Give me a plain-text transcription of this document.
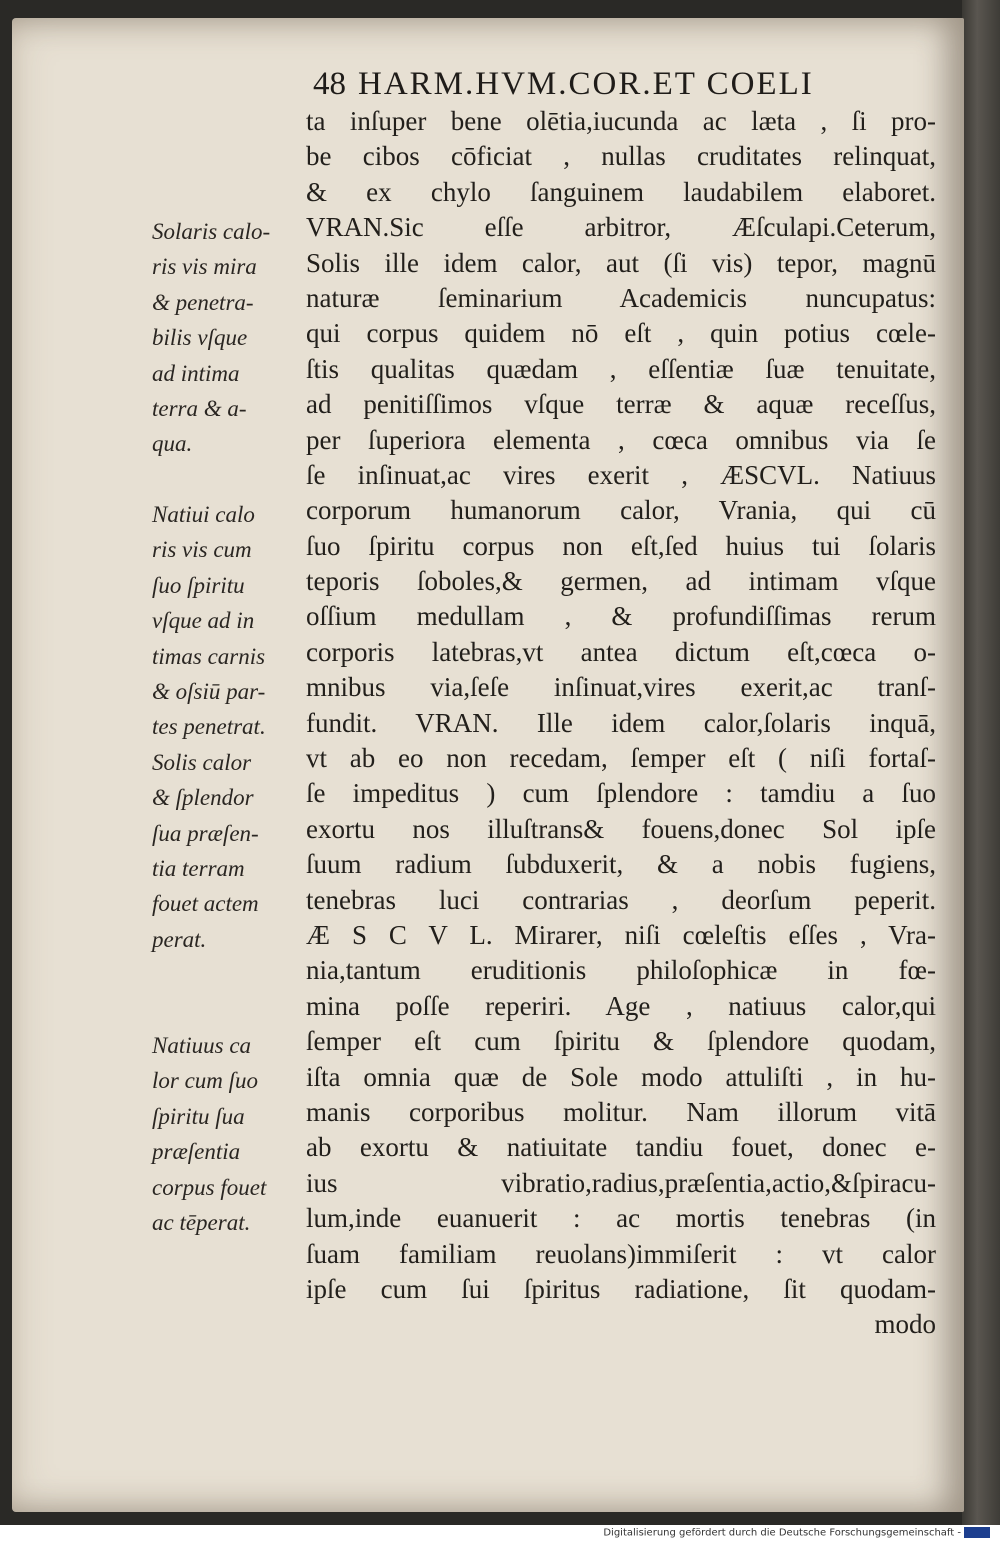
48 HARM.HVM.COR.ET COELI
ta inſuper bene olētia,iucunda ac læta , ſi pro-
be cibos cōficiat , nullas cruditates relinquat,
& ex chylo ſanguinem laudabilem elaboret.
VRAN.Sic eſſe arbitror, Æſculapi.Ceterum,
Solis ille idem calor, aut (ſi vis) tepor, magnū
naturæ ſeminarium Academicis nuncupatus:
qui corpus quidem nō eſt , quin potius cœle-
ſtis qualitas quædam , eſſentiæ ſuæ tenuitate,
ad penitiſſimos vſque terræ & aquæ receſſus,
per ſuperiora elementa , cœca omnibus via ſe
ſe inſinuat,ac vires exerit , ÆSCVL. Natiuus
corporum humanorum calor, Vrania, qui cū
ſuo ſpiritu corpus non eſt,ſed huius tui ſolaris
teporis ſoboles,& germen, ad intimam vſque
oſſium medullam , & profundiſſimas rerum
corporis latebras,vt antea dictum eſt,cœca o-
mnibus via,ſeſe inſinuat,vires exerit,ac tranſ-
fundit. VRAN. Ille idem calor,ſolaris inquā,
vt ab eo non recedam, ſemper eſt ( niſi fortaſ-
ſe impeditus ) cum ſplendore : tamdiu a ſuo
exortu nos illuſtrans& fouens,donec Sol ipſe
ſuum radium ſubduxerit, & a nobis fugiens,
tenebras luci contrarias , deorſum peperit.
Æ S C V L. Mirarer, niſi cœleſtis eſſes , Vra-
nia,tantum eruditionis philoſophicæ in fœ-
mina poſſe reperiri. Age , natiuus calor,qui
ſemper eſt cum ſpiritu & ſplendore quodam,
iſta omnia quæ de Sole modo attuliſti , in hu-
manis corporibus molitur. Nam illorum vitā
ab exortu & natiuitate tandiu fouet, donec e-
ius vibratio,radius,præſentia,actio,&ſpiracu-
lum,inde euanuerit : ac mortis tenebras (in
ſuam familiam reuolans)immiſerit : vt calor
ipſe cum ſui ſpiritus radiatione, ſit quodam-
modo
Solaris calo-
ris vis mira
& penetra-
bilis vſque
ad intima
terra & a-
qua.
Natiui calo
ris vis cum
ſuo ſpiritu
vſque ad in
timas carnis
& oſsiū par-
tes penetrat.
Solis calor
& ſplendor
ſua præſen-
tia terram
fouet actem
perat.
Natiuus ca
lor cum ſuo
ſpiritu ſua
præſentia
corpus fouet
ac tēperat.
Digitalisierung gefördert durch die Deutsche Forschungsgemeinschaft -
